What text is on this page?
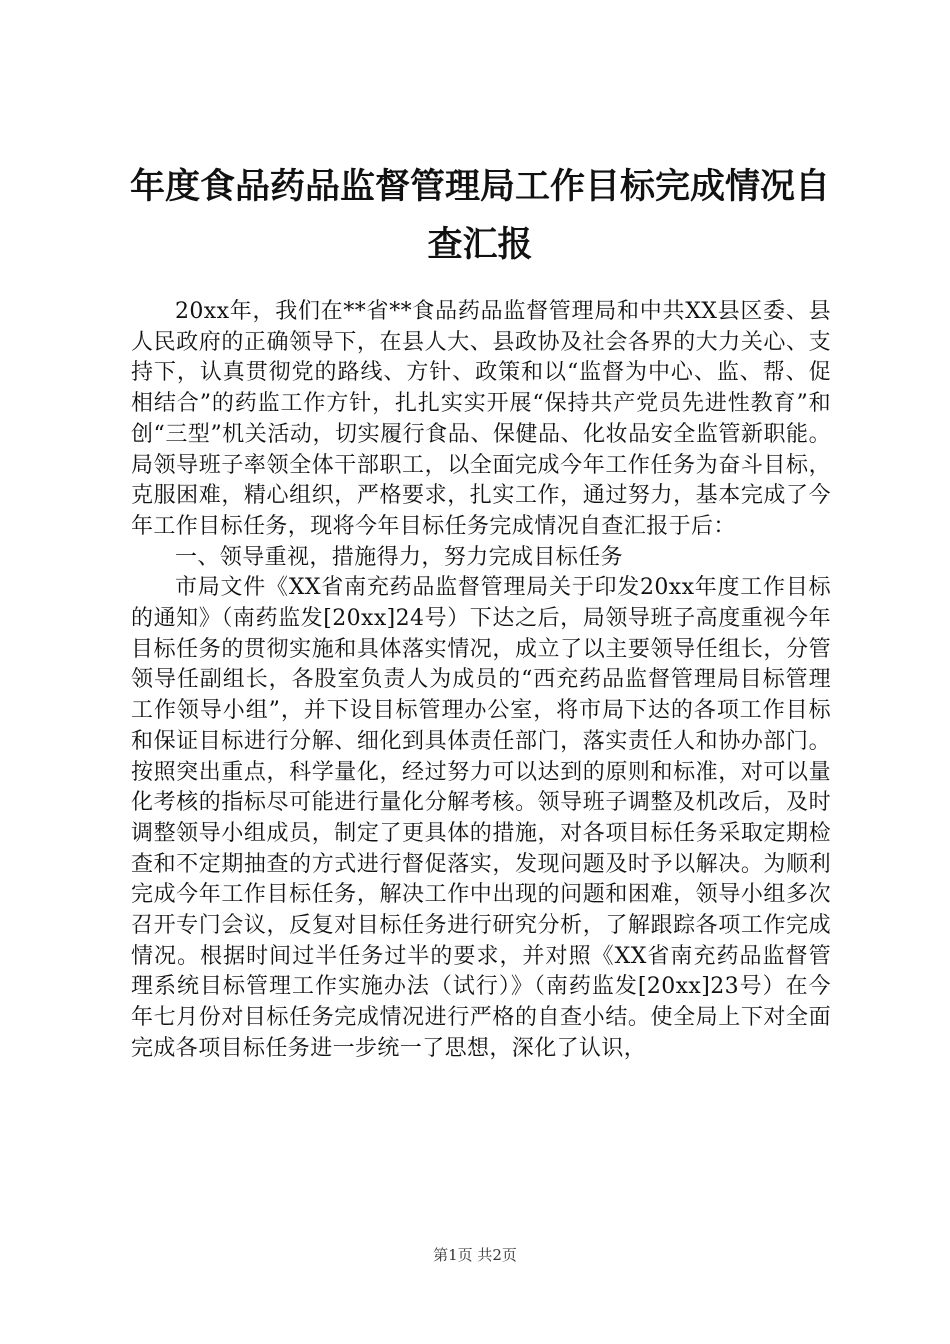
年度食品药品监督管理局工作目标完成情况自查汇报

20xx年，我们在**省**食品药品监督管理局和中共XX县区委、县人民政府的正确领导下，在县人大、县政协及社会各界的大力关心、支持下，认真贯彻党的路线、方针、政策和以“监督为中心、监、帮、促相结合”的药监工作方针，扎扎实实开展“保持共产党员先进性教育”和创“三型”机关活动，切实履行食品、保健品、化妆品安全监管新职能。局领导班子率领全体干部职工，以全面完成今年工作任务为奋斗目标，克服困难，精心组织，严格要求，扎实工作，通过努力，基本完成了今年工作目标任务，现将今年目标任务完成情况自查汇报于后：

一、领导重视，措施得力，努力完成目标任务

市局文件《XX省南充药品监督管理局关于印发20xx年度工作目标的通知》（南药监发[20xx]24号）下达之后，局领导班子高度重视今年目标任务的贯彻实施和具体落实情况，成立了以主要领导任组长，分管领导任副组长，各股室负责人为成员的“西充药品监督管理局目标管理工作领导小组”，并下设目标管理办公室，将市局下达的各项工作目标和保证目标进行分解、细化到具体责任部门，落实责任人和协办部门。按照突出重点，科学量化，经过努力可以达到的原则和标准，对可以量化考核的指标尽可能进行量化分解考核。领导班子调整及机改后，及时调整领导小组成员，制定了更具体的措施，对各项目标任务采取定期检查和不定期抽查的方式进行督促落实，发现问题及时予以解决。为顺利完成今年工作目标任务，解决工作中出现的问题和困难，领导小组多次召开专门会议，反复对目标任务进行研究分析，了解跟踪各项工作完成情况。根据时间过半任务过半的要求，并对照《XX省南充药品监督管理系统目标管理工作实施办法（试行）》（南药监发[20xx]23号）在今年七月份对目标任务完成情况进行严格的自查小结。使全局上下对全面完成各项目标任务进一步统一了思想，深化了认识，

第1页 共2页
